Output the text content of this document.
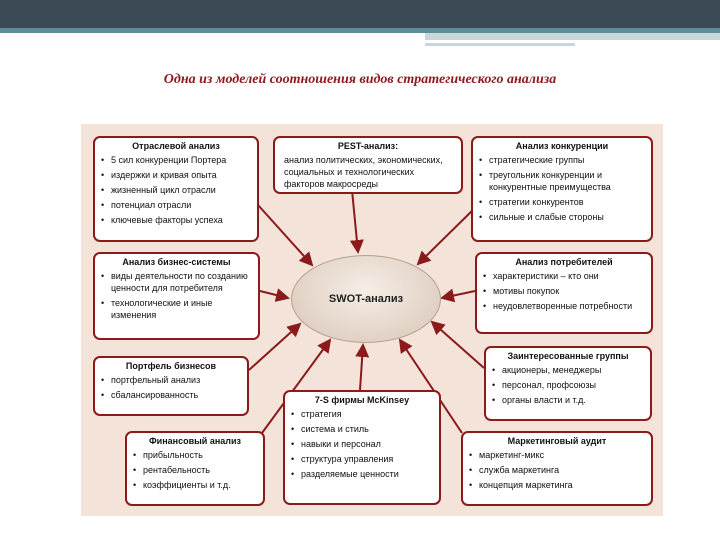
Одна из моделей соотношения видов стратегического анализа
SWOT-анализ
Отраслевой анализ
• 5 сил конкуренции Портера
• издержки и кривая опыта
• жизненный цикл отрасли
• потенциал отрасли
• ключевые факторы успеха
PEST-анализ:
анализ политических, экономических, социальных и технологических факторов макросреды
Анализ конкуренции
• стратегические группы
• треугольник конкуренции и конкурентные преимущества
• стратегии конкурентов
• сильные и слабые стороны
Анализ бизнес-системы
• виды деятельности по созданию ценности для потребителя
• технологические и иные изменения
Анализ потребителей
• характеристики – кто они
• мотивы покупок
• неудовлетворенные потребности
Портфель бизнесов
• портфельный анализ
• сбалансированность
Заинтересованные группы
• акционеры, менеджеры
• персонал, профсоюзы
• органы власти и т.д.
7-S фирмы McKinsey
• стратегия
• система и стиль
• навыки и персонал
• структура управления
• разделяемые ценности
Финансовый анализ
• прибыльность
• рентабельность
• коэффициенты и т.д.
Маркетинговый аудит
• маркетинг-микс
• служба маркетинга
• концепция маркетинга
